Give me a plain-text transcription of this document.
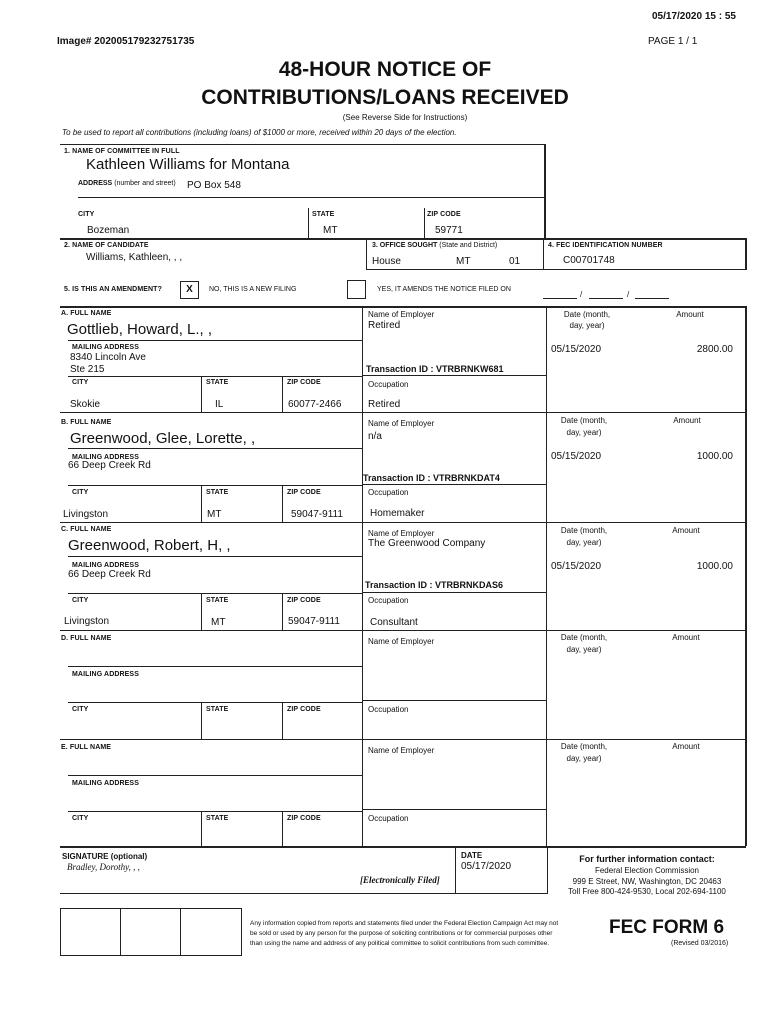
05/17/2020 15 : 55
Image# 202005179232751735	PAGE 1 / 1
48-HOUR NOTICE OF
CONTRIBUTIONS/LOANS RECEIVED
(See Reverse Side for Instructions)
To be used to report all contributions (including loans) of $1000 or more, received within 20 days of the election.
1. NAME OF COMMITTEE IN FULL
Kathleen Williams for Montana
ADDRESS (number and street) PO Box 548
CITY	STATE	ZIP CODE
Bozeman	MT	59771
2. NAME OF CANDIDATE
Williams, Kathleen, , ,
3. OFFICE SOUGHT (State and District)
House	MT	01
4. FEC IDENTIFICATION NUMBER
C00701748
5. IS THIS AN AMENDMENT?	X	NO, THIS IS A NEW FILING	YES, IT AMENDS THE NOTICE FILED ON
/	/
A. FULL NAME
Gottlieb, Howard, L., ,
Name of Employer
Retired
Date (month,
day, year)
Amount
MAILING ADDRESS
8340 Lincoln Ave
Ste 215
05/15/2020	2800.00
Transaction ID : VTRBRNKW681
CITY	STATE	ZIP CODE	Occupation
Skokie	IL	60077-2466	Retired
B. FULL NAME
Greenwood, Glee, Lorette, ,
Name of Employer
n/a
Date (month,
day, year)
Amount
MAILING ADDRESS
66 Deep Creek Rd
05/15/2020	1000.00
Transaction ID : VTRBRNKDAT4
CITY	STATE	ZIP CODE	Occupation
Livingston	MT	59047-9111	Homemaker
C. FULL NAME
Greenwood, Robert, H, ,
Name of Employer
The Greenwood Company
Date (month,
day, year)
Amount
MAILING ADDRESS
66 Deep Creek Rd
05/15/2020	1000.00
Transaction ID : VTRBRNKDAS6
CITY	STATE	ZIP CODE	Occupation
Livingston	MT	59047-9111	Consultant
D. FULL NAME	Name of Employer	Date (month,
day, year)
Amount
MAILING ADDRESS
CITY	STATE	ZIP CODE	Occupation
E. FULL NAME	Name of Employer	Date (month,
day, year)
Amount
MAILING ADDRESS
CITY	STATE	ZIP CODE	Occupation
SIGNATURE (optional)
Bradley, Dorothy, , ,
[Electronically Filed]
DATE
05/17/2020
For further information contact:
Federal Election Commission
999 E Street, NW, Washington, DC 20463
Toll Free 800-424-9530, Local 202-694-1100
Any information copied from reports and statements filed under the Federal Election Campaign Act may not
be sold or used by any person for the purpose of soliciting contributions or for commercial purposes other
than using the name and address of any political committee to solicit contributions from such committee.
FEC FORM 6
(Revised 03/2016)
